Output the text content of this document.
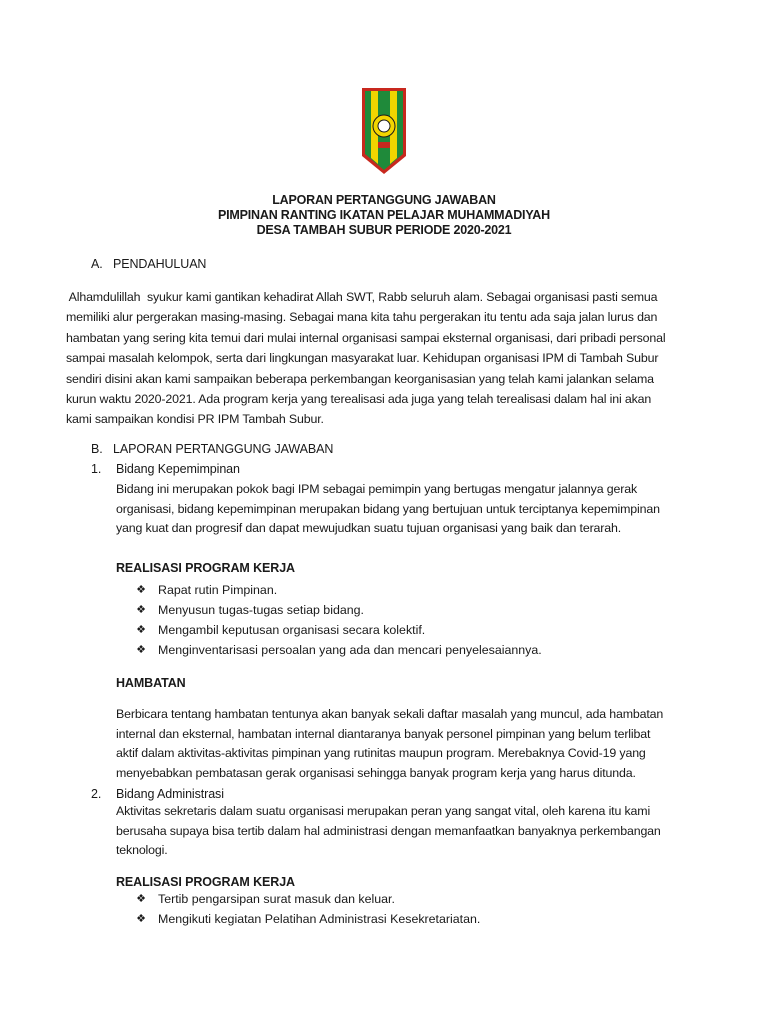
LAPORAN PERTANGGUNG JAWABAN
PIMPINAN RANTING IKATAN PELAJAR MUHAMMADIYAH
DESA TAMBAH SUBUR PERIODE 2020-2021
A. PENDAHULUAN
Alhamdulillah  syukur kami gantikan kehadirat Allah SWT, Rabb seluruh alam. Sebagai organisasi pasti semua
memiliki alur pergerakan masing-masing. Sebagai mana kita tahu pergerakan itu tentu ada saja jalan lurus dan
hambatan yang sering kita temui dari mulai internal organisasi sampai eksternal organisasi, dari pribadi personal
sampai masalah kelompok, serta dari lingkungan masyarakat luar. Kehidupan organisasi IPM di Tambah Subur
sendiri disini akan kami sampaikan beberapa perkembangan keorganisasian yang telah kami jalankan selama
kurun waktu 2020-2021. Ada program kerja yang terealisasi ada juga yang telah terealisasi dalam hal ini akan
kami sampaikan kondisi PR IPM Tambah Subur.
B. LAPORAN PERTANGGUNG JAWABAN
1. Bidang Kepemimpinan
Bidang ini merupakan pokok bagi IPM sebagai pemimpin yang bertugas mengatur jalannya gerak
organisasi, bidang kepemimpinan merupakan bidang yang bertujuan untuk terciptanya kepemimpinan
yang kuat dan progresif dan dapat mewujudkan suatu tujuan organisasi yang baik dan terarah.
REALISASI PROGRAM KERJA
❖ Rapat rutin Pimpinan.
❖ Menyusun tugas-tugas setiap bidang.
❖ Mengambil keputusan organisasi secara kolektif.
❖ Menginventarisasi persoalan yang ada dan mencari penyelesaiannya.
HAMBATAN
Berbicara tentang hambatan tentunya akan banyak sekali daftar masalah yang muncul, ada hambatan
internal dan eksternal, hambatan internal diantaranya banyak personel pimpinan yang belum terlibat
aktif dalam aktivitas-aktivitas pimpinan yang rutinitas maupun program. Merebaknya Covid-19 yang
menyebabkan pembatasan gerak organisasi sehingga banyak program kerja yang harus ditunda.
2. Bidang Administrasi
Aktivitas sekretaris dalam suatu organisasi merupakan peran yang sangat vital, oleh karena itu kami
berusaha supaya bisa tertib dalam hal administrasi dengan memanfaatkan banyaknya perkembangan
teknologi.
REALISASI PROGRAM KERJA
❖ Tertib pengarsipan surat masuk dan keluar.
❖ Mengikuti kegiatan Pelatihan Administrasi Kesekretariatan.
